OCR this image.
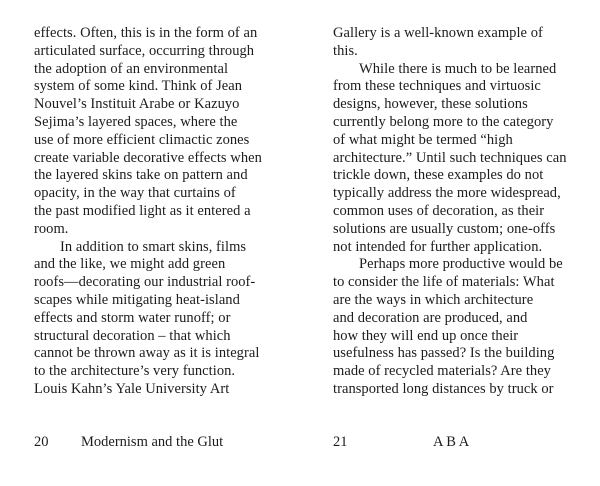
effects. Often, this is in the form of an
articulated surface, occurring through
the adoption of an environmental
system of some kind. Think of Jean
Nouvel’s Instituit Arabe or Kazuyo
Sejima’s layered spaces, where the
use of more efficient climactic zones
create variable decorative effects when
the layered skins take on pattern and
opacity, in the way that curtains of
the past modified light as it entered a
room.
In addition to smart skins, films
and the like, we might add green
roofs—decorating our industrial roof-
scapes while mitigating heat-island
effects and storm water runoff; or
structural decoration – that which
cannot be thrown away as it is integral
to the architecture’s very function.
Louis Kahn’s Yale University Art
20 Modernism and the Glut
Gallery is a well-known example of
this.
While there is much to be learned
from these techniques and virtuosic
designs, however, these solutions
currently belong more to the category
of what might be termed “high
architecture.” Until such techniques can
trickle down, these examples do not
typically address the more widespread,
common uses of decoration, as their
solutions are usually custom; one-offs
not intended for further application.
Perhaps more productive would be
to consider the life of materials: What
are the ways in which architecture
and decoration are produced, and
how they will end up once their
usefulness has passed? Is the building
made of recycled materials? Are they
transported long distances by truck or
21	A B A
